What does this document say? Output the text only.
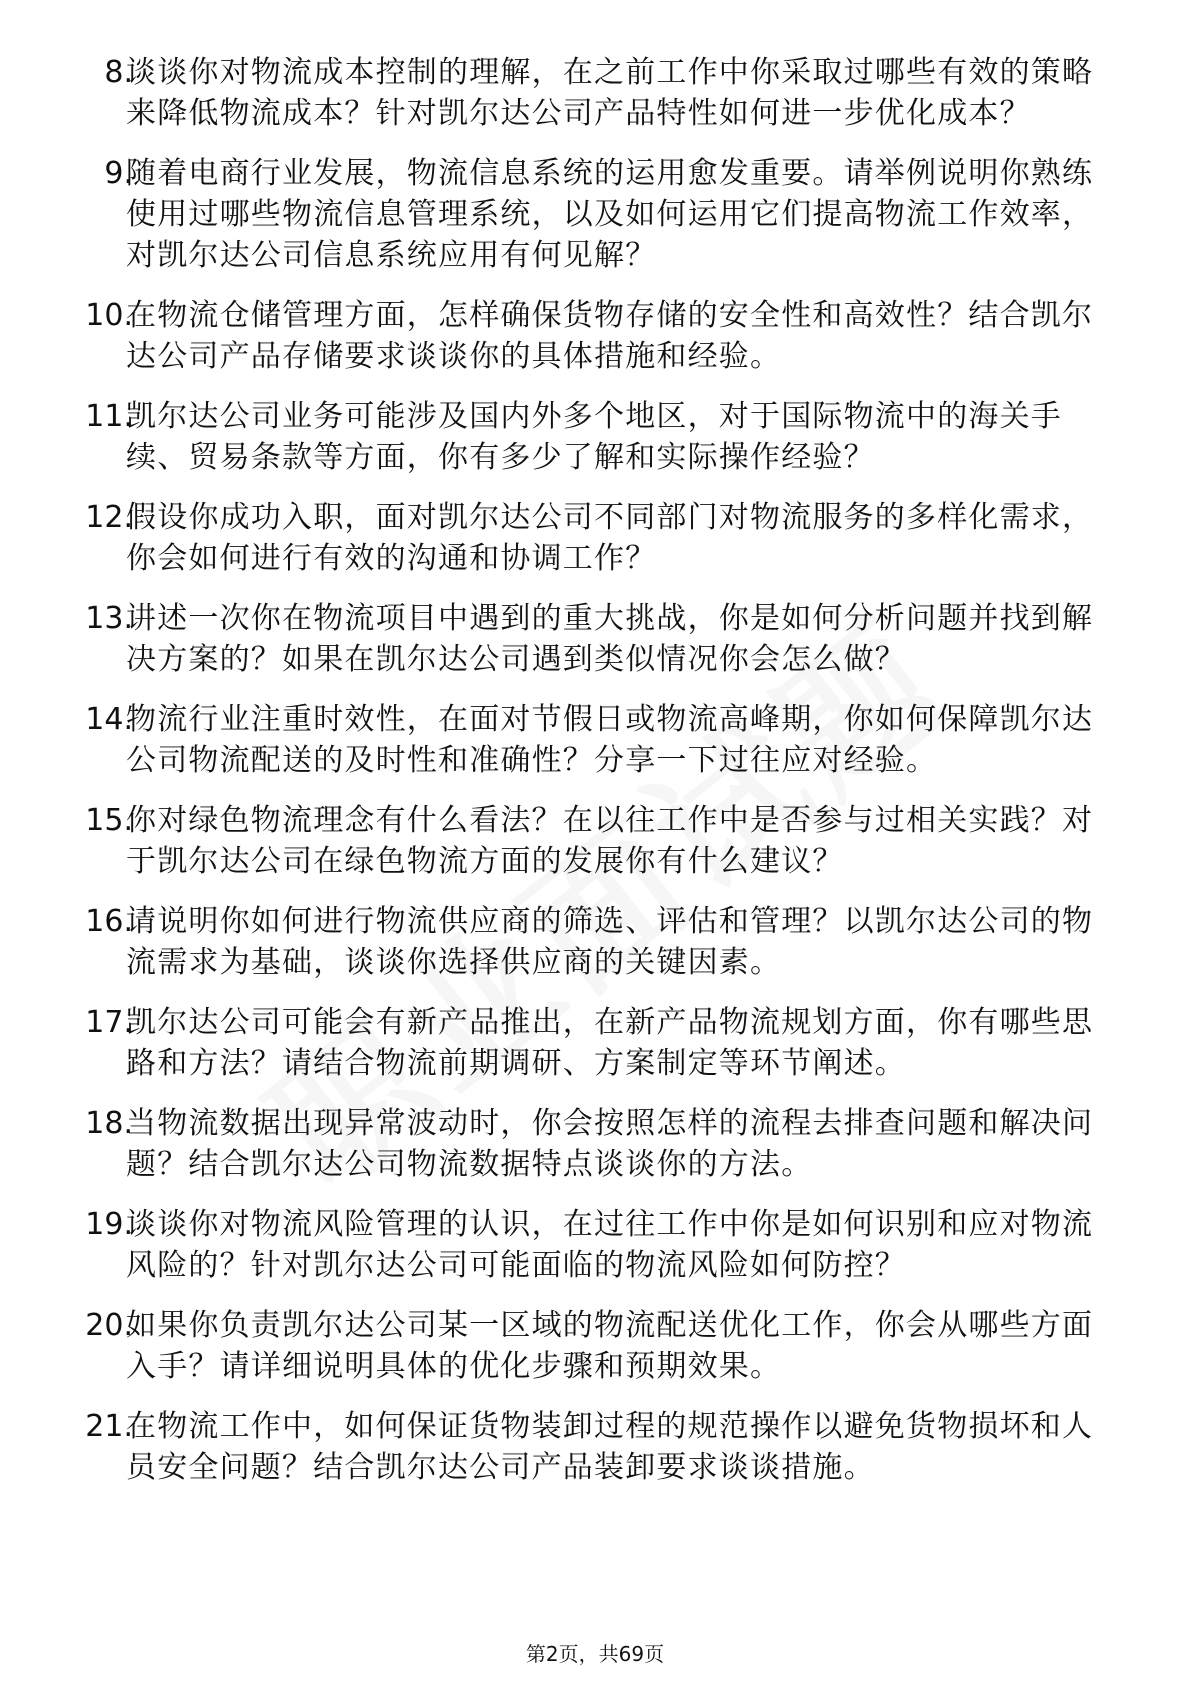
8.
谈谈你对物流成本控制的理解，在之前工作中你采取过哪些有效的策略来降低物流成本？针对凯尔达公司产品特性如何进一步优化成本？
9.
随着电商行业发展，物流信息系统的运用愈发重要。请举例说明你熟练使用过哪些物流信息管理系统，以及如何运用它们提高物流工作效率，对凯尔达公司信息系统应用有何见解？
10.
在物流仓储管理方面，怎样确保货物存储的安全性和高效性？结合凯尔达公司产品存储要求谈谈你的具体措施和经验。
11.
凯尔达公司业务可能涉及国内外多个地区，对于国际物流中的海关手续、贸易条款等方面，你有多少了解和实际操作经验？
12.
假设你成功入职，面对凯尔达公司不同部门对物流服务的多样化需求，你会如何进行有效的沟通和协调工作？
13.
讲述一次你在物流项目中遇到的重大挑战，你是如何分析问题并找到解决方案的？如果在凯尔达公司遇到类似情况你会怎么做？
14.
物流行业注重时效性，在面对节假日或物流高峰期，你如何保障凯尔达公司物流配送的及时性和准确性？分享一下过往应对经验。
15.
你对绿色物流理念有什么看法？在以往工作中是否参与过相关实践？对于凯尔达公司在绿色物流方面的发展你有什么建议？
16.
请说明你如何进行物流供应商的筛选、评估和管理？以凯尔达公司的物流需求为基础，谈谈你选择供应商的关键因素。
17.
凯尔达公司可能会有新产品推出，在新产品物流规划方面，你有哪些思路和方法？请结合物流前期调研、方案制定等环节阐述。
18.
当物流数据出现异常波动时，你会按照怎样的流程去排查问题和解决问题？结合凯尔达公司物流数据特点谈谈你的方法。
19.
谈谈你对物流风险管理的认识，在过往工作中你是如何识别和应对物流风险的？针对凯尔达公司可能面临的物流风险如何防控？
20.
如果你负责凯尔达公司某一区域的物流配送优化工作，你会从哪些方面入手？请详细说明具体的优化步骤和预期效果。
21.
在物流工作中，如何保证货物装卸过程的规范操作以避免货物损坏和人员安全问题？结合凯尔达公司产品装卸要求谈谈措施。
第2页，共69页
